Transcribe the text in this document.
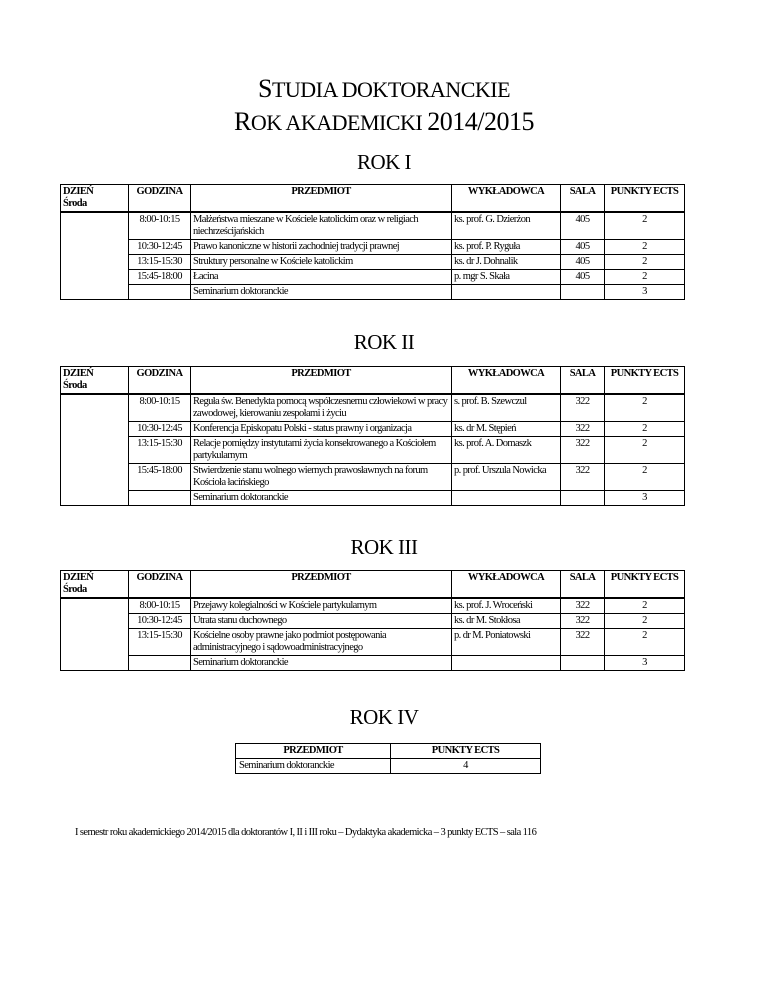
STUDIA DOKTORANCKIE
ROK AKADEMICKI 2014/2015
ROK I
DZIEŃ
Środa
	GODZINA	PRZEDMIOT	WYKŁADOWCA	SALA	PUNKTY ECTS
	8:00-10:15	Małżeństwa mieszane w Kościele katolickim oraz w religiach niechrześcijańskich	ks. prof. G. Dzierżon	405	2
	10:30-12:45	Prawo kanoniczne w historii zachodniej tradycji prawnej	ks. prof. P. Ryguła	405	2
	13:15-15:30	Struktury personalne w Kościele katolickim	ks. dr J. Dohnalik	405	2
	15:45-18:00	Łacina	p. mgr S. Skała	405	2
		Seminarium doktoranckie			3
ROK II
DZIEŃ
Środa
	GODZINA	PRZEDMIOT	WYKŁADOWCA	SALA	PUNKTY ECTS
	8:00-10:15	Reguła św. Benedykta pomocą współczesnemu człowiekowi w pracy zawodowej, kierowaniu zespołami i życiu	s. prof. B. Szewczul	322	2
	10:30-12:45	Konferencja Episkopatu Polski - status prawny i organizacja	ks. dr M. Stępień	322	2
	13:15-15:30	Relacje pomiędzy instytutami życia konsekrowanego a Kościołem partykularnym	ks. prof. A. Domaszk	322	2
	15:45-18:00	Stwierdzenie stanu wolnego wiernych prawosławnych na forum Kościoła łacińskiego	p. prof. Urszula Nowicka	322	2
		Seminarium doktoranckie			3
ROK III
DZIEŃ
Środa
	GODZINA	PRZEDMIOT	WYKŁADOWCA	SALA	PUNKTY ECTS
	8:00-10:15	Przejawy kolegialności w Kościele partykularnym	ks. prof. J. Wroceński	322	2
	10:30-12:45	Utrata stanu duchownego	ks. dr M. Stokłosa	322	2
	13:15-15:30	Kościelne osoby prawne jako podmiot postępowania administracyjnego i sądowoadministracyjnego	p. dr M. Poniatowski	322	2
		Seminarium doktoranckie			3
ROK IV
PRZEDMIOT	PUNKTY ECTS
Seminarium doktoranckie	4
I semestr roku akademickiego 2014/2015 dla doktorantów I, II i III roku – Dydaktyka akademicka – 3 punkty ECTS – sala 116
